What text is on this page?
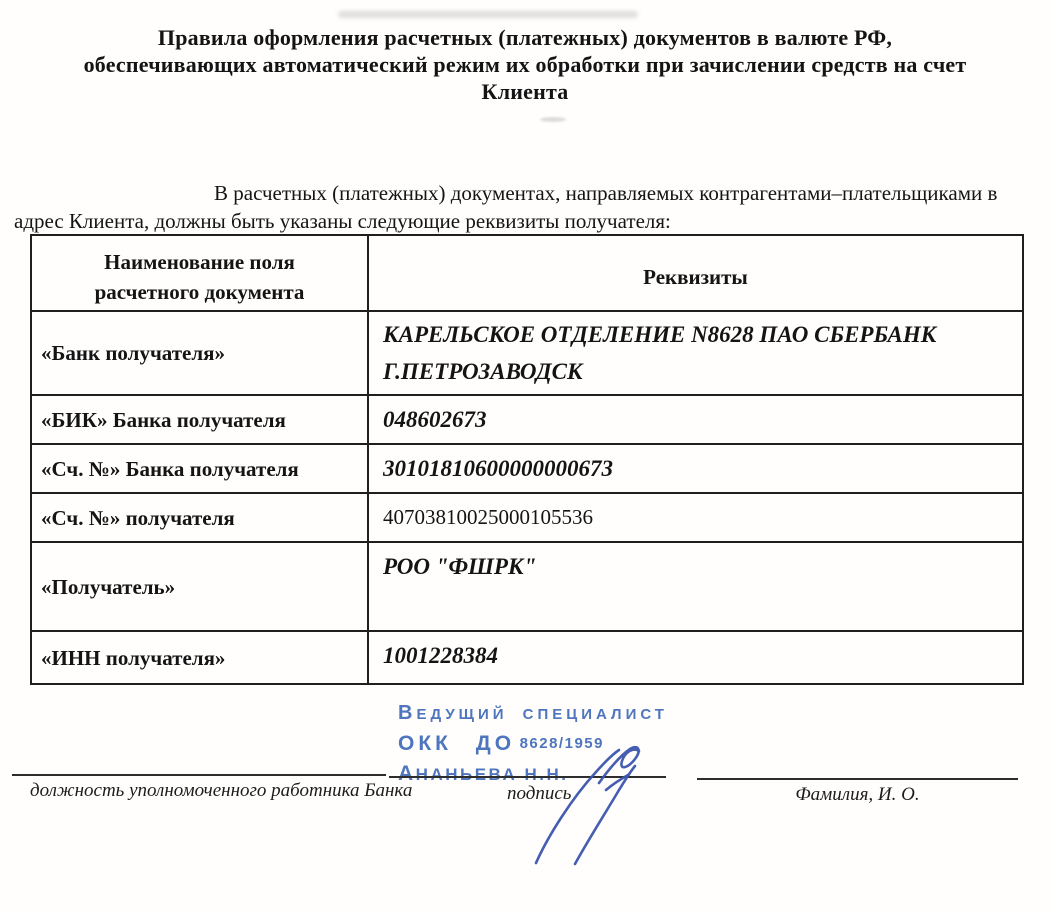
Правила оформления расчетных (платежных) документов в валюте РФ,
обеспечивающих автоматический режим их обработки при зачислении средств на счет
Клиента

В расчетных (платежных) документах, направляемых контрагентами–плательщиками в адрес Клиента, должны быть указаны следующие реквизиты получателя:

Наименование поля расчетного документа	Реквизиты
«Банк получателя»	КАРЕЛЬСКОЕ ОТДЕЛЕНИЕ N8628 ПАО СБЕРБАНК Г.ПЕТРОЗАВОДСК
«БИК» Банка получателя	048602673
«Сч. №» Банка получателя	30101810600000000673
«Сч. №» получателя	40703810025000105536
«Получатель»	РОО "ФШРК"
«ИНН получателя»	1001228384
ВЕДУЩИЙ СПЕЦИАЛИСТ
ОКК ДО 8628/1959
АНАНЬЕВА Н.Н.
должность уполномоченного работника Банка	подпись	Фамилия, И. О.
